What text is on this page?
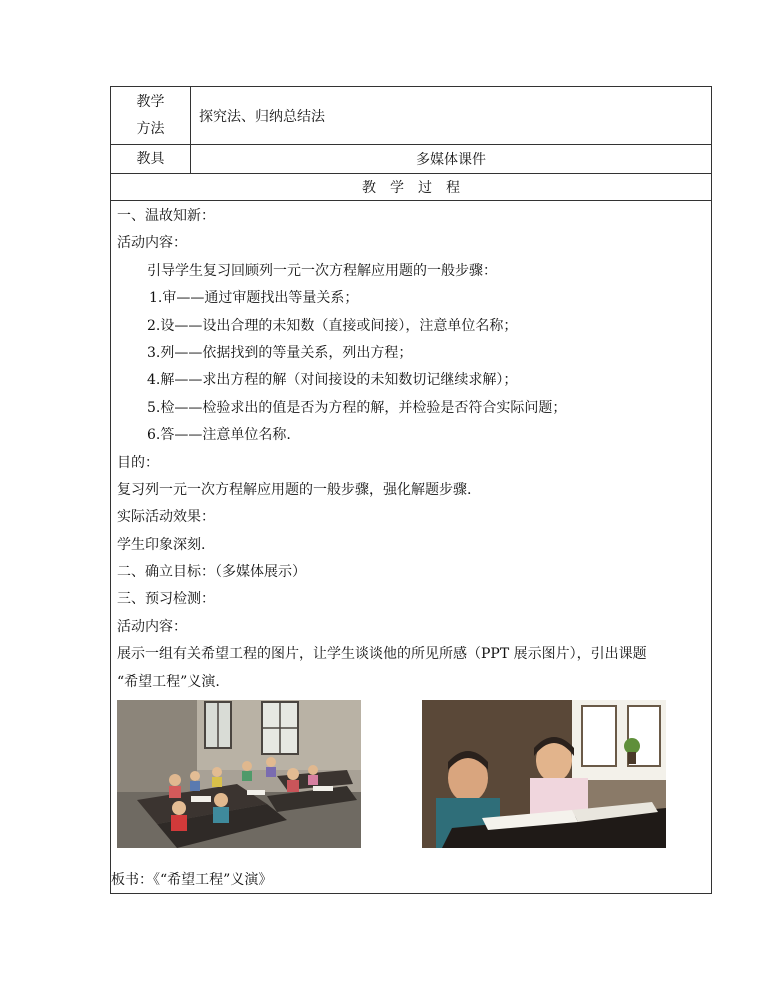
教学
方法
探究法、归纳总结法
教具	多媒体课件
教学过程
一、温故知新：
活动内容：
引导学生复习回顾列一元一次方程解应用题的一般步骤：
1.审——通过审题找出等量关系；
2.设——设出合理的未知数（直接或间接），注意单位名称；
3.列——依据找到的等量关系，列出方程；
4.解——求出方程的解（对间接设的未知数切记继续求解）；
5.检——检验求出的值是否为方程的解，并检验是否符合实际问题；
6.答——注意单位名称.
目的：
复习列一元一次方程解应用题的一般步骤，强化解题步骤.
实际活动效果：
学生印象深刻.
二、确立目标：（多媒体展示）
三、预习检测：
活动内容：
展示一组有关希望工程的图片，让学生谈谈他的所见所感（PPT 展示图片），引出课题
“希望工程”义演.
板书：《“希望工程”义演》
